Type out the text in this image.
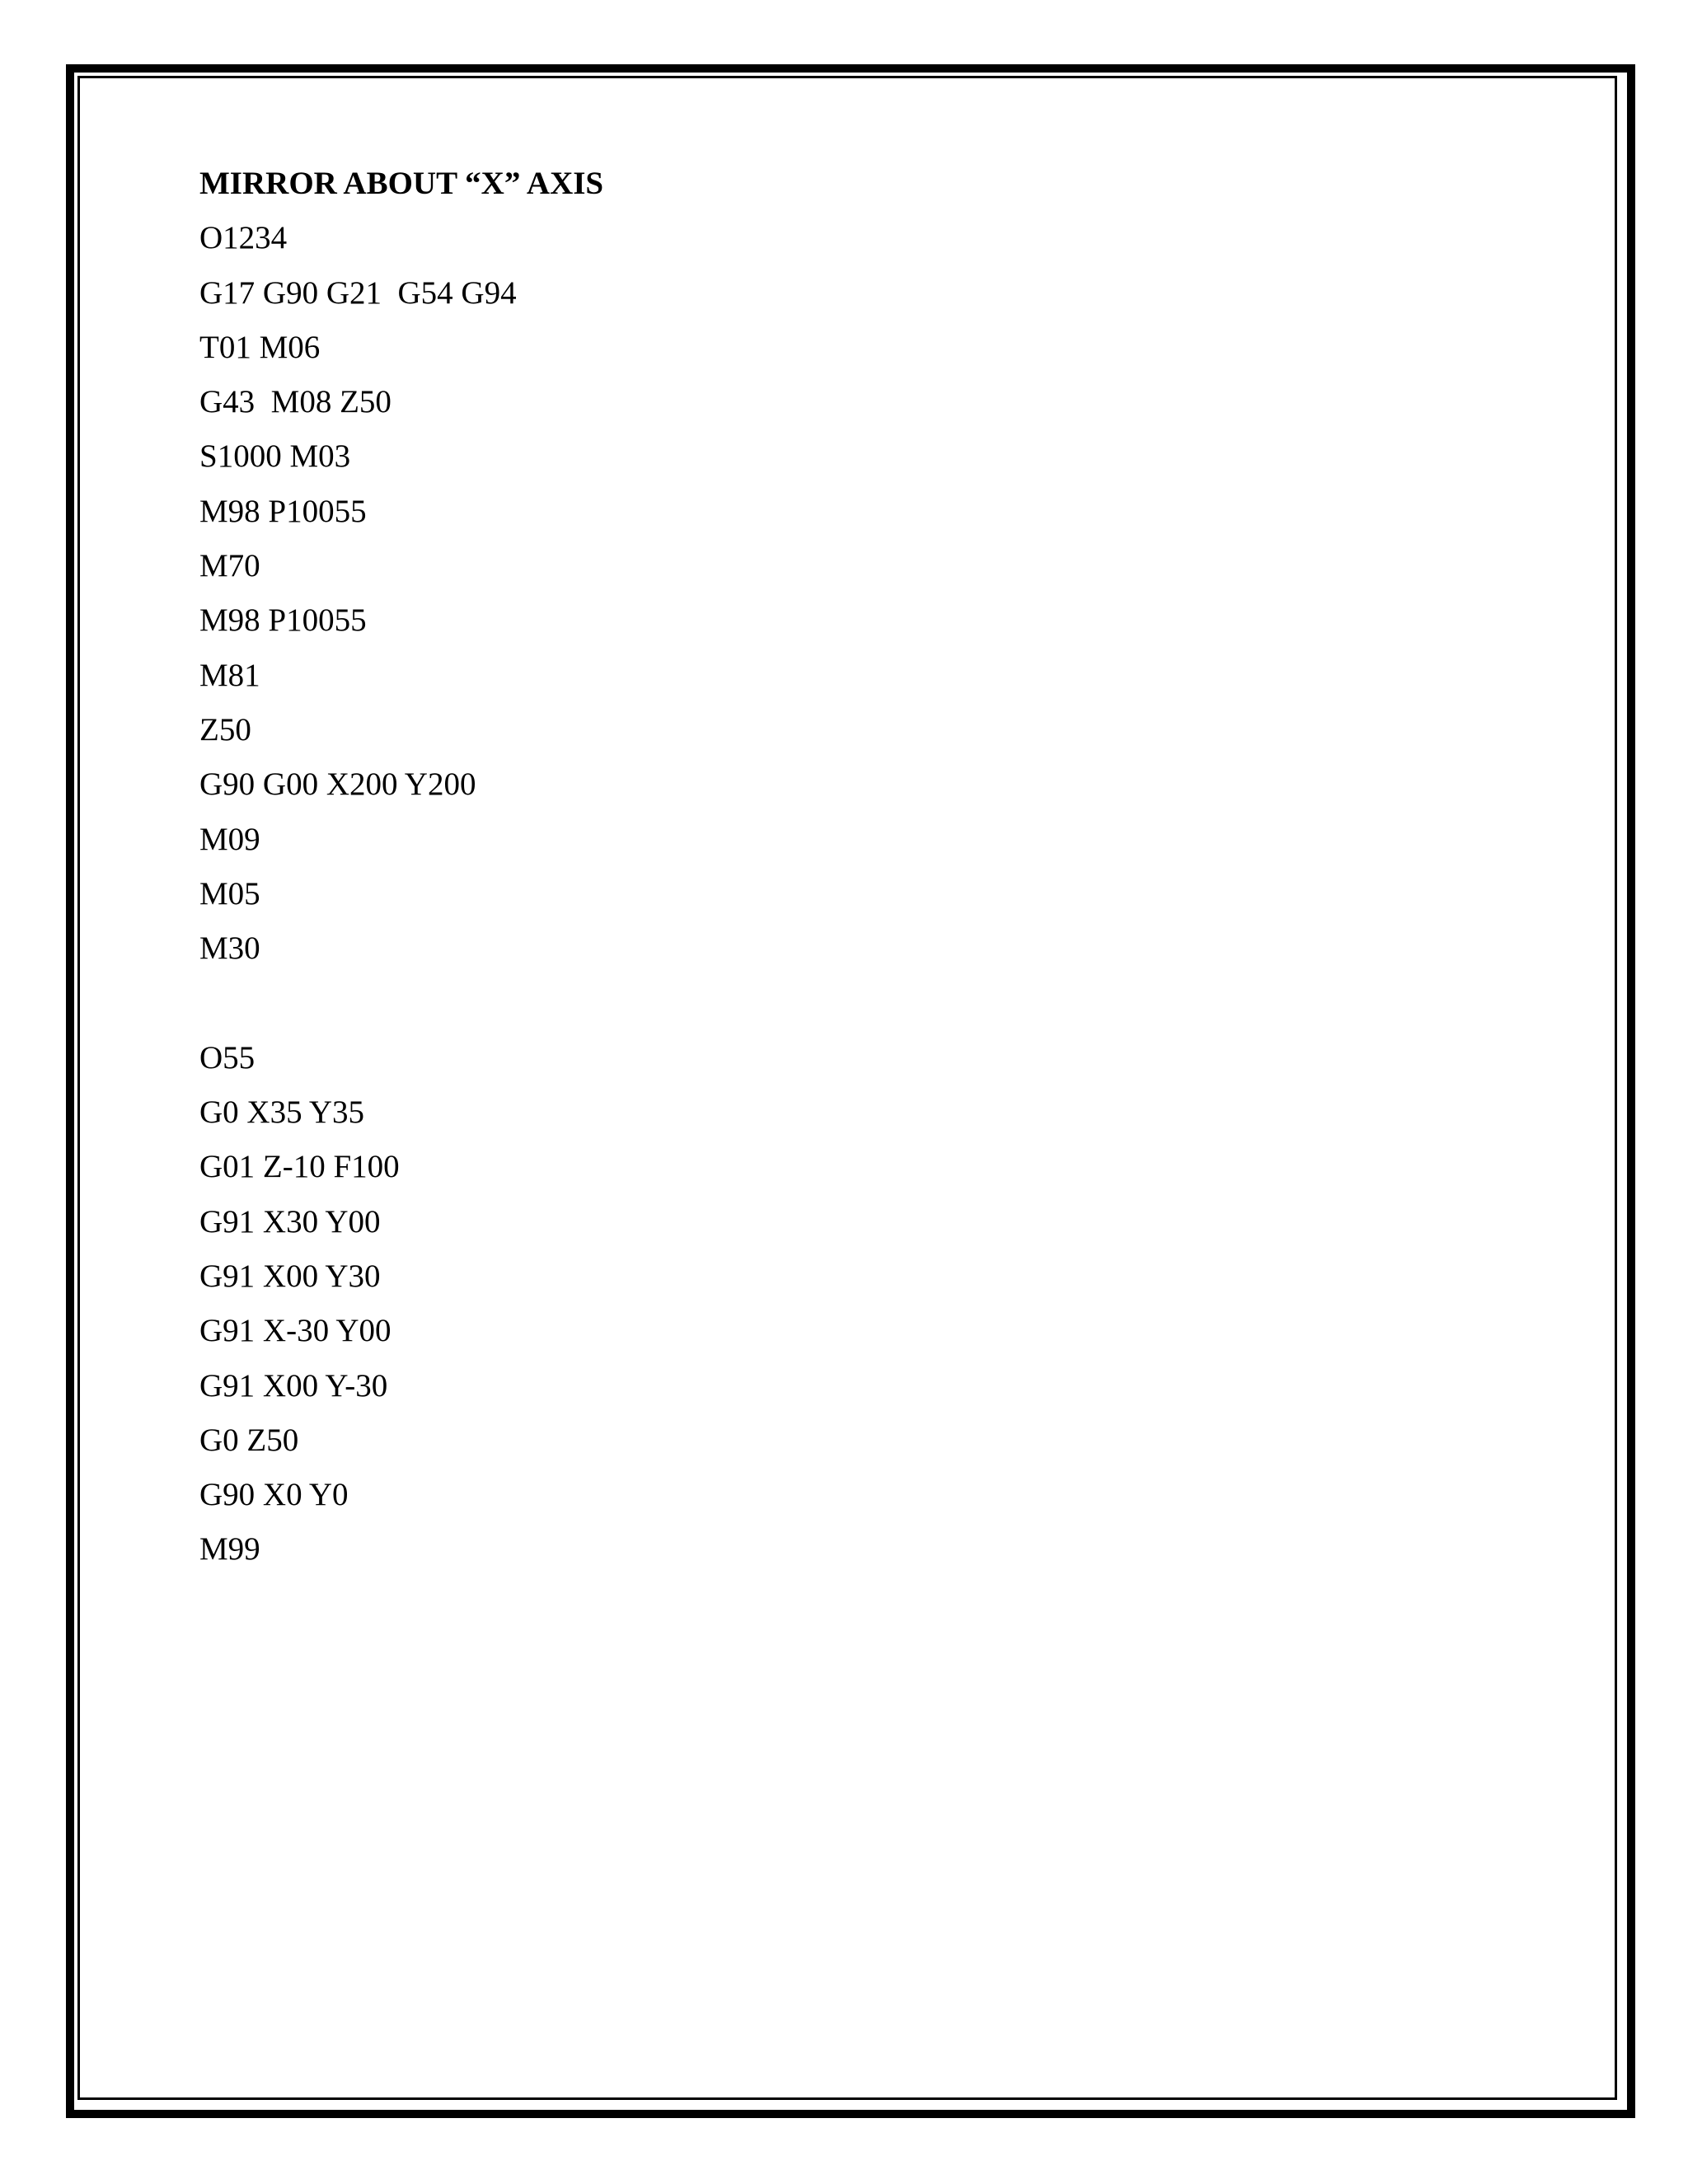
MIRROR ABOUT “X” AXIS
O1234
G17 G90 G21  G54 G94
T01 M06
G43  M08 Z50
S1000 M03
M98 P10055
M70
M98 P10055
M81
Z50
G90 G00 X200 Y200
M09
M05
M30
O55
G0 X35 Y35
G01 Z-10 F100
G91 X30 Y00
G91 X00 Y30
G91 X-30 Y00
G91 X00 Y-30
G0 Z50
G90 X0 Y0
M99
